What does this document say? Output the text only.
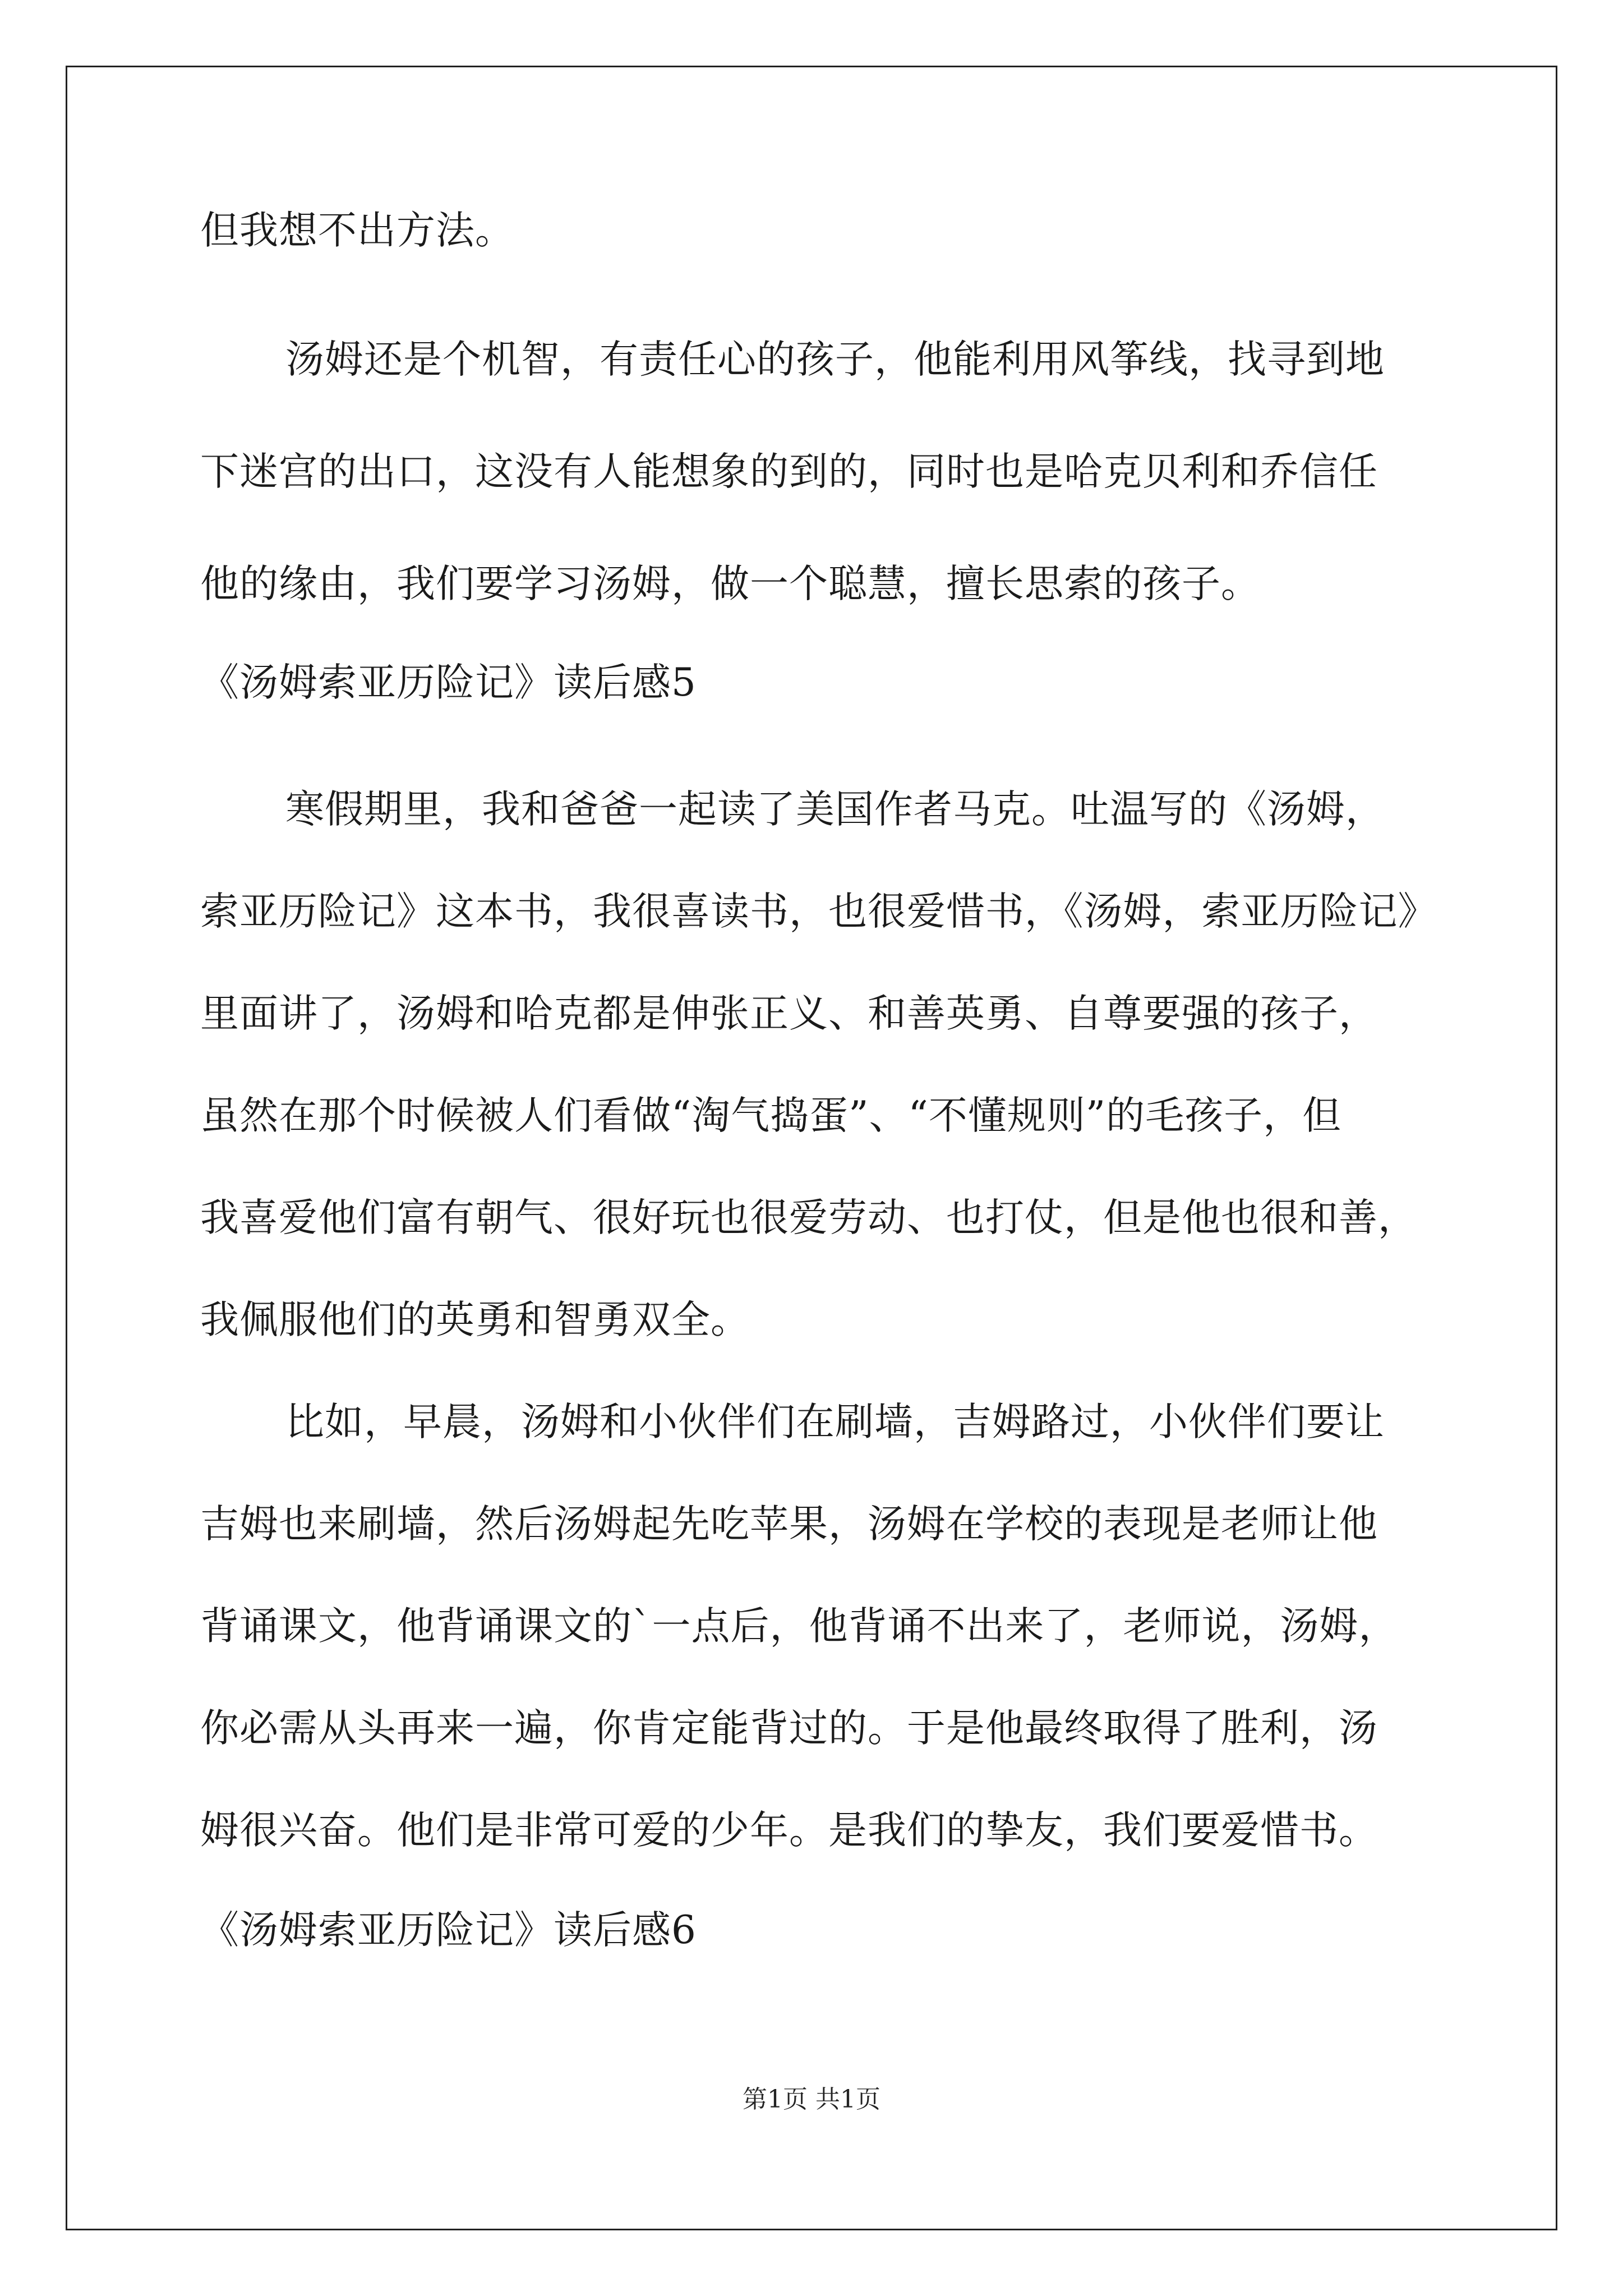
但我想不出方法。

汤姆还是个机智，有责任心的孩子，他能利用风筝线，找寻到地

下迷宫的出口，这没有人能想象的到的，同时也是哈克贝利和乔信任

他的缘由，我们要学习汤姆，做一个聪慧，擅长思索的孩子。

《汤姆索亚历险记》读后感5

寒假期里，我和爸爸一起读了美国作者马克。吐温写的《汤姆，

索亚历险记》这本书，我很喜读书，也很爱惜书，《汤姆，索亚历险记》

里面讲了，汤姆和哈克都是伸张正义、和善英勇、自尊要强的孩子，

虽然在那个时候被人们看做“淘气捣蛋”、“不懂规则”的毛孩子，但

我喜爱他们富有朝气、很好玩也很爱劳动、也打仗，但是他也很和善，

我佩服他们的英勇和智勇双全。

比如，早晨，汤姆和小伙伴们在刷墙，吉姆路过，小伙伴们要让

吉姆也来刷墙，然后汤姆起先吃苹果，汤姆在学校的表现是老师让他

背诵课文，他背诵课文的`一点后，他背诵不出来了，老师说，汤姆，

你必需从头再来一遍，你肯定能背过的。于是他最终取得了胜利，汤

姆很兴奋。他们是非常可爱的少年。是我们的挚友，我们要爱惜书。

《汤姆索亚历险记》读后感6

第1页 共1页
